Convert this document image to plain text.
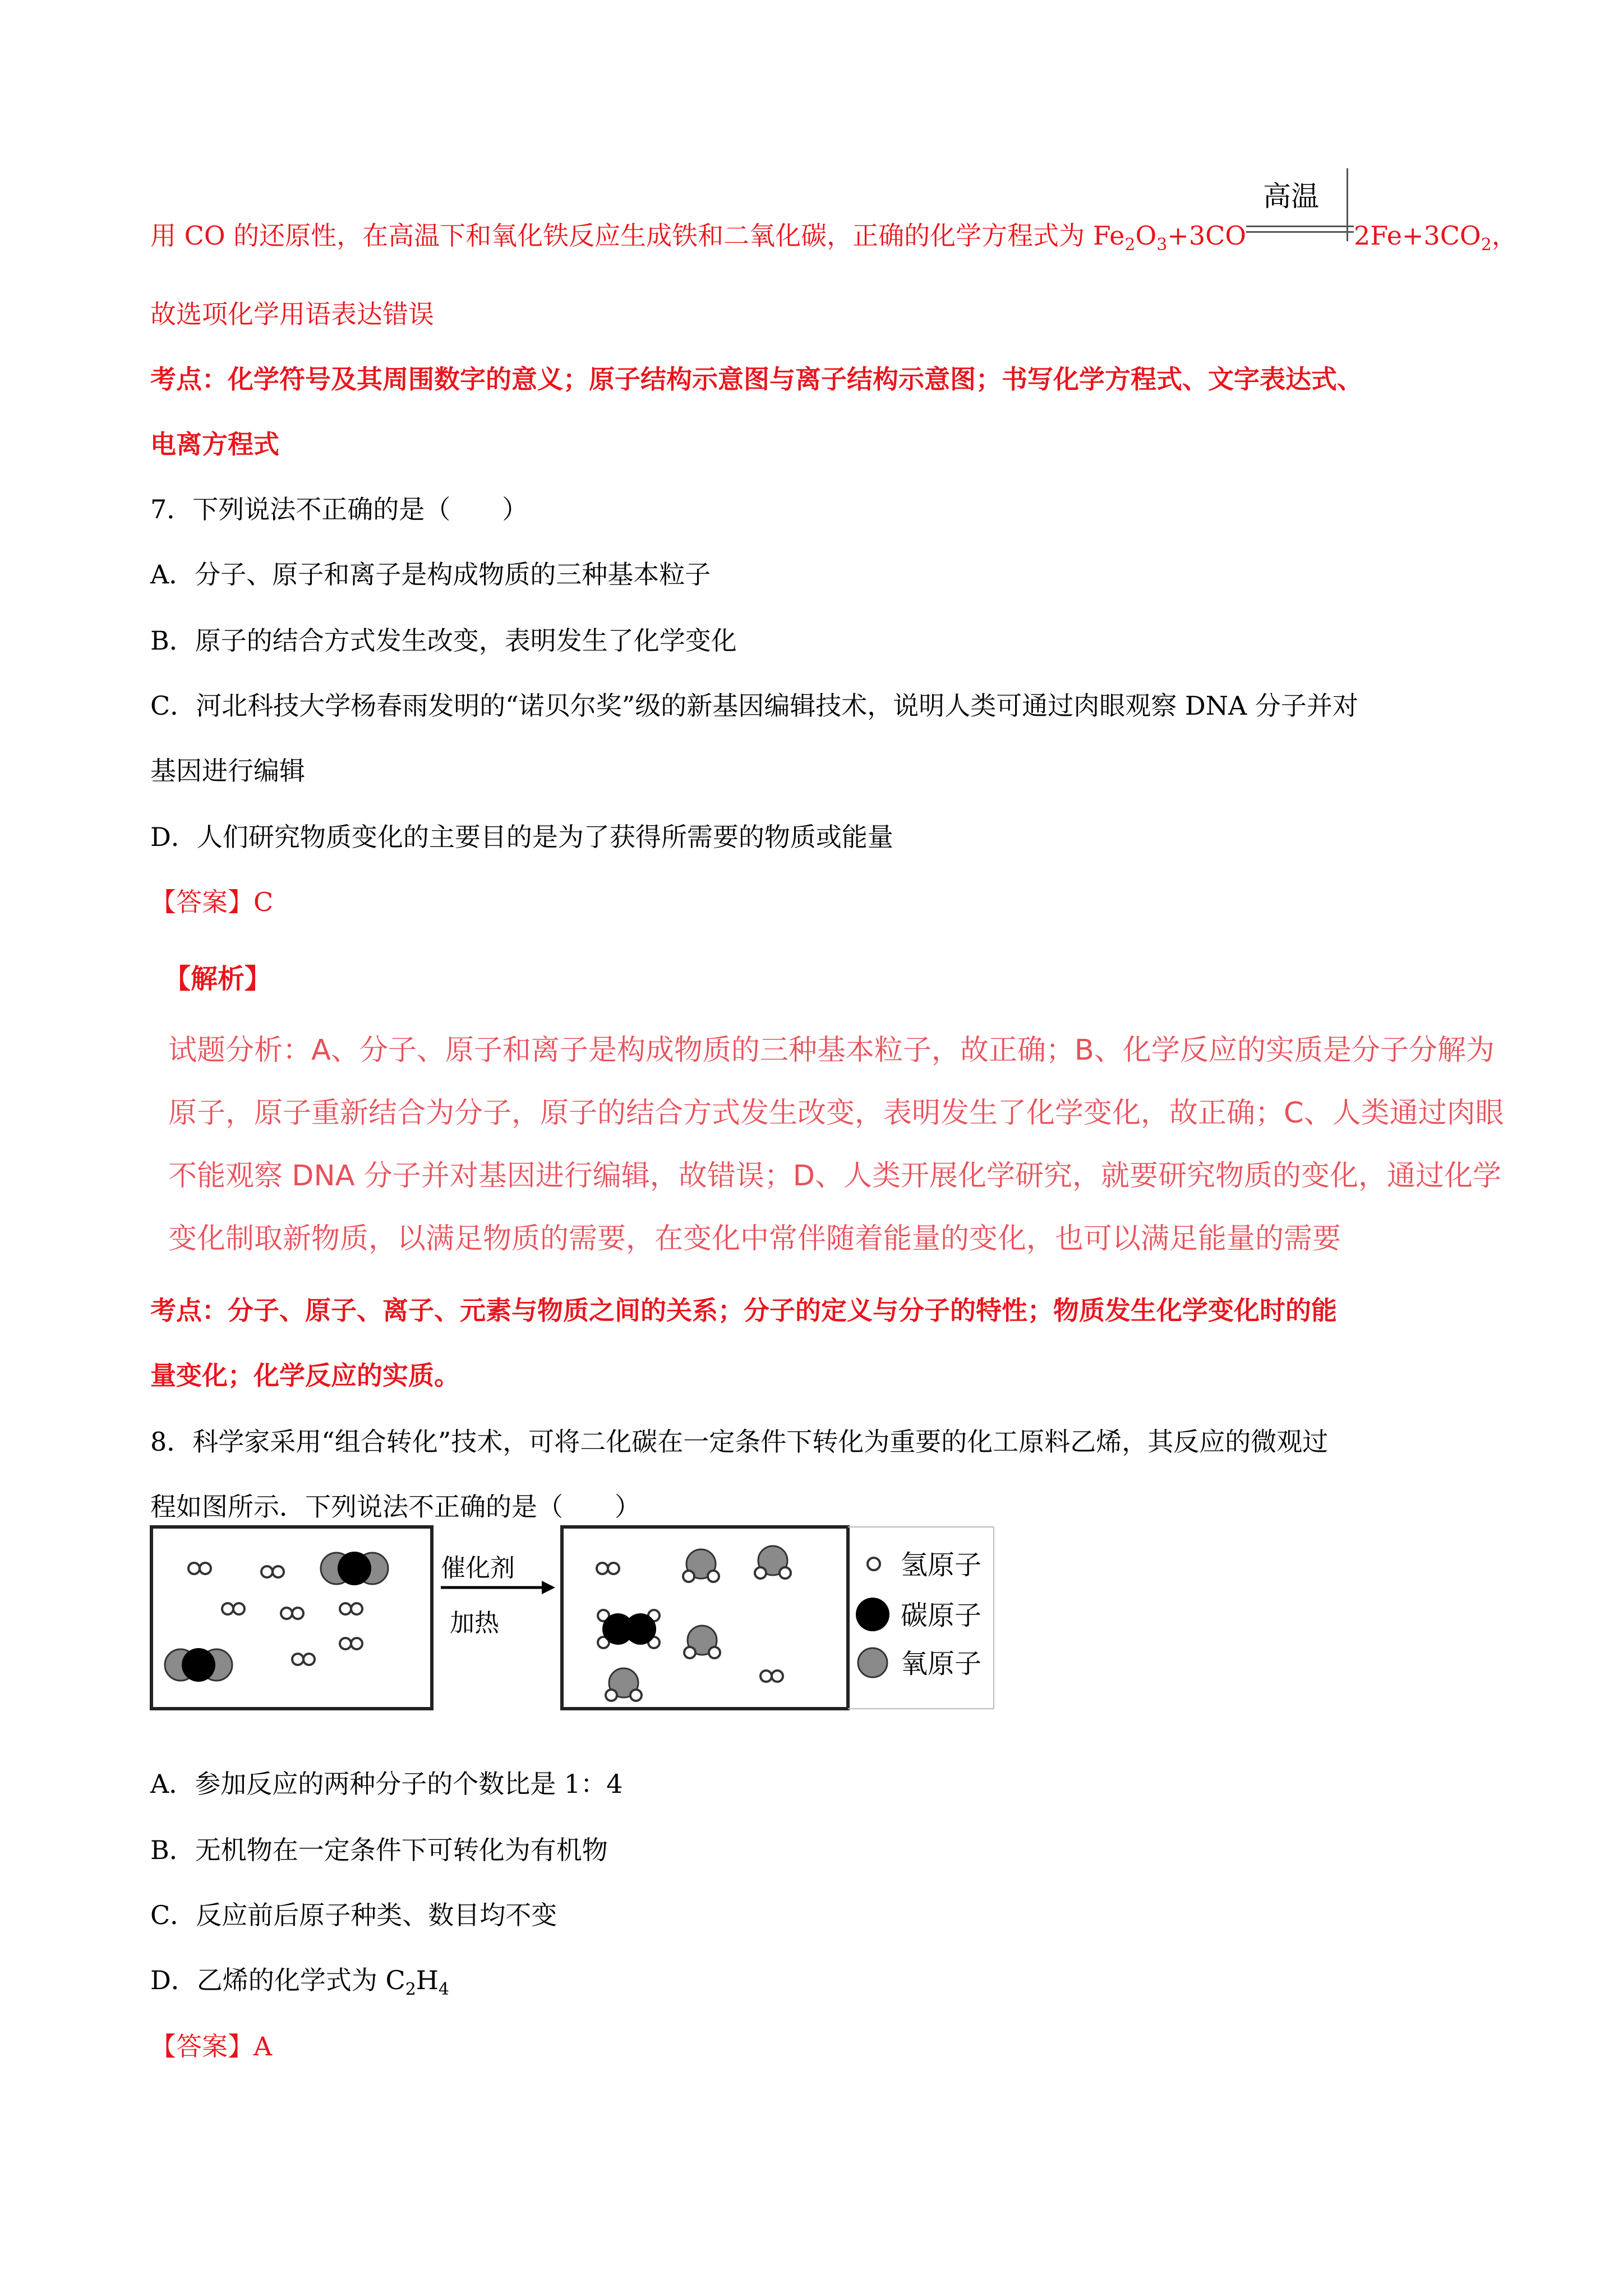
用 CO 的还原性，在高温下和氧化铁反应生成铁和二氧化碳，正确的化学方程式为 $Fe_2O_3+3CO$
高温
$2Fe+3CO_2$，
故选项化学用语表达错误
考点：化学符号及其周围数字的意义；原子结构示意图与离子结构示意图；书写化学方程式、文字表达式、
电离方程式
7．下列说法不正确的是（　　）
A．分子、原子和离子是构成物质的三种基本粒子
B．原子的结合方式发生改变，表明发生了化学变化
C．河北科技大学杨春雨发明的“诺贝尔奖”级的新基因编辑技术，说明人类可通过肉眼观察 DNA 分子并对
基因进行编辑
D．人们研究物质变化的主要目的是为了获得所需要的物质或能量
【答案】C
【解析】
试题分析：A、分子、原子和离子是构成物质的三种基本粒子，故正确；B、化学反应的实质是分子分解为
原子，原子重新结合为分子，原子的结合方式发生改变，表明发生了化学变化，故正确；C、人类通过肉眼
不能观察 DNA 分子并对基因进行编辑，故错误；D、人类开展化学研究，就要研究物质的变化，通过化学
变化制取新物质，以满足物质的需要，在变化中常伴随着能量的变化，也可以满足能量的需要
考点：分子、原子、离子、元素与物质之间的关系；分子的定义与分子的特性；物质发生化学变化时的能
量变化；化学反应的实质。
8．科学家采用“组合转化”技术，可将二化碳在一定条件下转化为重要的化工原料乙烯，其反应的微观过
程如图所示．下列说法不正确的是（　　）
催化剂
加热
氢原子
碳原子
氧原子
A．参加反应的两种分子的个数比是 1：4
B．无机物在一定条件下可转化为有机物
C．反应前后原子种类、数目均不变
D．乙烯的化学式为 $C_2H_4$
【答案】A
